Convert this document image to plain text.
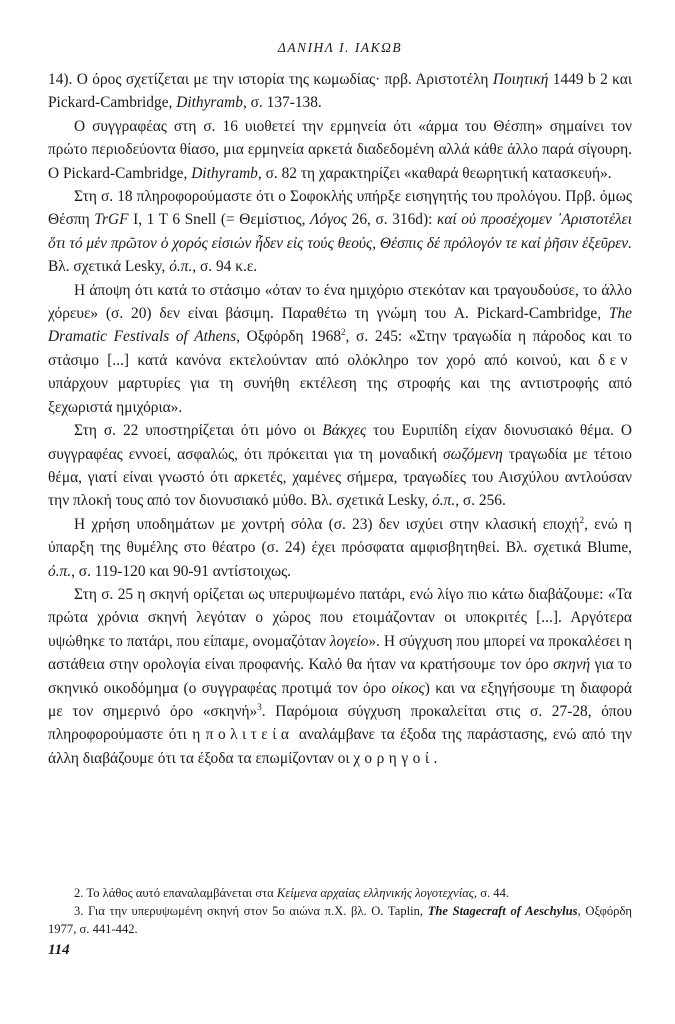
ΔΑΝΙΗΛ Ι. ΙΑΚΩΒ

14). Ο όρος σχετίζεται με την ιστορία της κωμωδίας· πρβ. Αριστοτέλη Ποιητική 1449 b 2 και Pickard-Cambridge, Dithyramb, σ. 137-138.

Ο συγγραφέας στη σ. 16 υιοθετεί την ερμηνεία ότι «άρμα του Θέσπη» σημαίνει τον πρώτο περιοδεύοντα θίασο, μια ερμηνεία αρκετά διαδεδομένη αλλά κάθε άλλο παρά σίγουρη. Ο Pickard-Cambridge, Dithyramb, σ. 82 τη χαρακτηρίζει «καθαρά θεωρητική κατασκευή».

Στη σ. 18 πληροφορούμαστε ότι ο Σοφοκλής υπήρξε εισηγητής του προλόγου. Πρβ. όμως Θέσπη TrGF I, 1 T 6 Snell (= Θεμίστιος, Λόγος 26, σ. 316d): καί οὐ προσέχομεν ᾽Αριστοτέλει ὅτι τό μέν πρῶτον ὁ χορός εἰσιών ἦδεν εἰς τούς θεούς, Θέσπις δέ πρόλογόν τε καί ῥῆσιν ἐξεῦρεν. Βλ. σχετικά Lesky, ό.π., σ. 94 κ.ε.

Η άποψη ότι κατά το στάσιμο «όταν το ένα ημιχόριο στεκόταν και τραγουδούσε, το άλλο χόρευε» (σ. 20) δεν είναι βάσιμη. Παραθέτω τη γνώμη του A. Pickard-Cambridge, The Dramatic Festivals of Athens, Οξφόρδη 1968$^2$, σ. 245: «Στην τραγωδία η πάροδος και το στάσιμο [...] κατά κανόνα εκτελούνταν από ολόκληρο τον χορό από κοινού, και δεν υπάρχουν μαρτυρίες για τη συνήθη εκτέλεση της στροφής και της αντιστροφής από ξεχωριστά ημιχόρια».

Στη σ. 22 υποστηρίζεται ότι μόνο οι Βάκχες του Ευριπίδη είχαν διονυσιακό θέμα. Ο συγγραφέας εννοεί, ασφαλώς, ότι πρόκειται για τη μοναδική σωζόμενη τραγωδία με τέτοιο θέμα, γιατί είναι γνωστό ότι αρκετές, χαμένες σήμερα, τραγωδίες του Αισχύλου αντλούσαν την πλοκή τους από τον διονυσιακό μύθο. Βλ. σχετικά Lesky, ό.π., σ. 256.

Η χρήση υποδημάτων με χοντρή σόλα (σ. 23) δεν ισχύει στην κλασική εποχή$^2$, ενώ η ύπαρξη της θυμέλης στο θέατρο (σ. 24) έχει πρόσφατα αμφισβητηθεί. Βλ. σχετικά Blume, ό.π., σ. 119-120 και 90-91 αντίστοιχως.

Στη σ. 25 η σκηνή ορίζεται ως υπερυψωμένο πατάρι, ενώ λίγο πιο κάτω διαβάζουμε: «Τα πρώτα χρόνια σκηνή λεγόταν ο χώρος που ετοιμάζονταν οι υποκριτές [...]. Αργότερα υψώθηκε το πατάρι, που είπαμε, ονομαζόταν λογείο». Η σύγχυση που μπορεί να προκαλέσει η αστάθεια στην ορολογία είναι προφανής. Καλό θα ήταν να κρατήσουμε τον όρο σκηνή για το σκηνικό οικοδόμημα (ο συγγραφέας προτιμά τον όρο οίκος) και να εξηγήσουμε τη διαφορά με τον σημερινό όρο «σκηνή»$^3$. Παρόμοια σύγχυση προκαλείται στις σ. 27-28, όπου πληροφορούμαστε ότι η πολιτεία αναλάμβανε τα έξοδα της παράστασης, ενώ από την άλλη διαβάζουμε ότι τα έξοδα τα επωμίζονταν οι χορηγοί.

2. Το λάθος αυτό επαναλαμβάνεται στα Κείμενα αρχαίας ελληνικής λογοτεχνίας, σ. 44.

3. Για την υπερυψωμένη σκηνή στον 5ο αιώνα π.Χ. βλ. O. Taplin, The Stagecraft of Aeschylus, Οξφόρδη 1977, σ. 441-442.

114
